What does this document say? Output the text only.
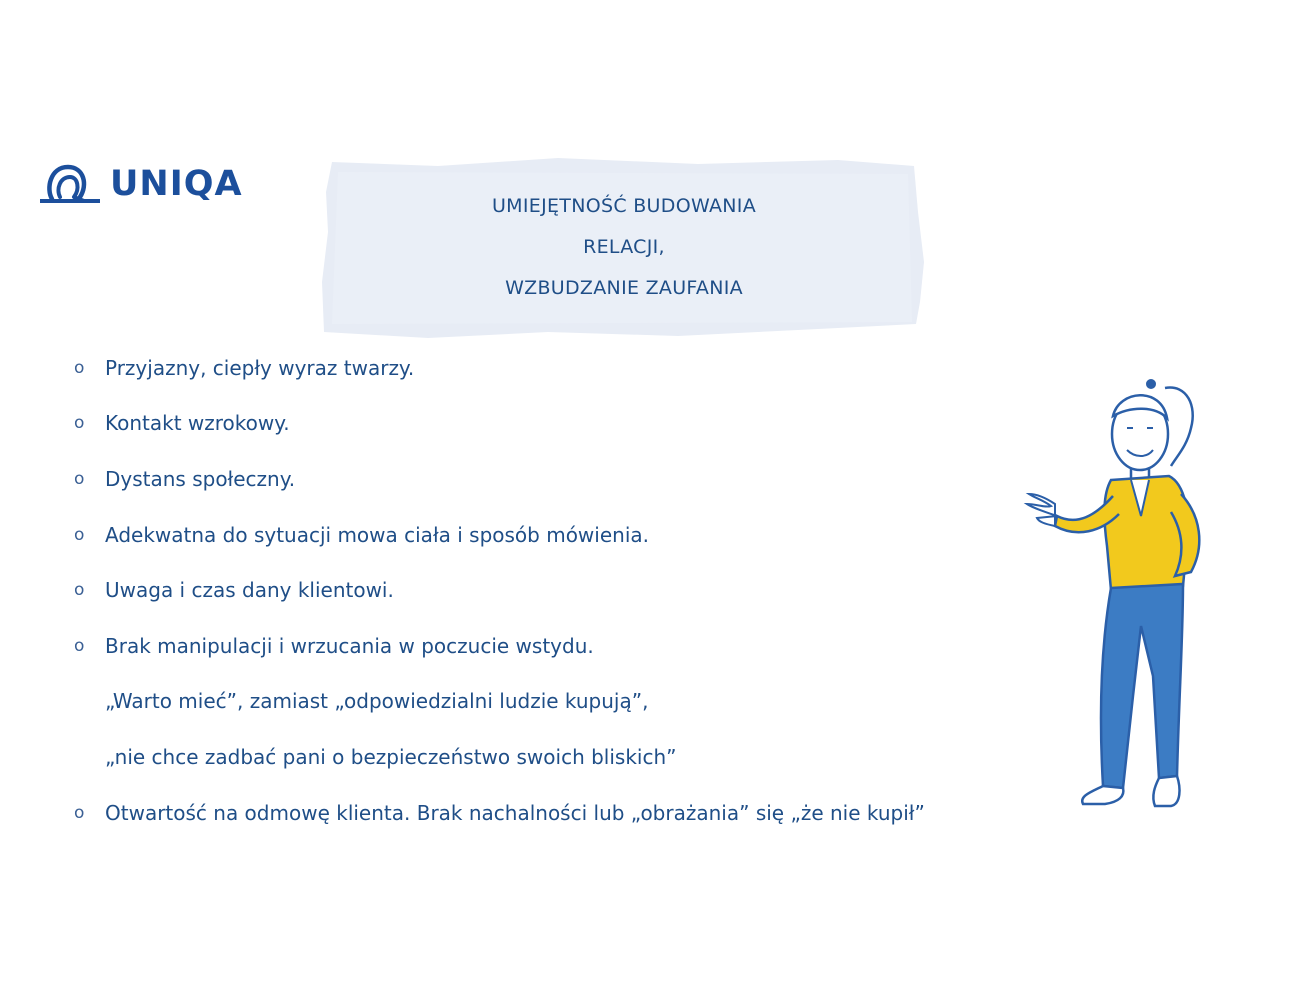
UNIQA
UMIEJĘTNOŚĆ BUDOWANIA
RELACJI,
WZBUDZANIE ZAUFANIA
o	Przyjazny, ciepły wyraz twarzy.
o	Kontakt wzrokowy.
o	Dystans społeczny.
o	Adekwatna do sytuacji mowa ciała i sposób mówienia.
o	Uwaga i czas dany klientowi.
o	Brak manipulacji i wrzucania w poczucie wstydu.
„Warto mieć”, zamiast „odpowiedzialni ludzie kupują”,
„nie chce zadbać pani o bezpieczeństwo swoich bliskich”
o	Otwartość na odmowę klienta. Brak nachalności lub „obrażania” się „że nie kupił”
